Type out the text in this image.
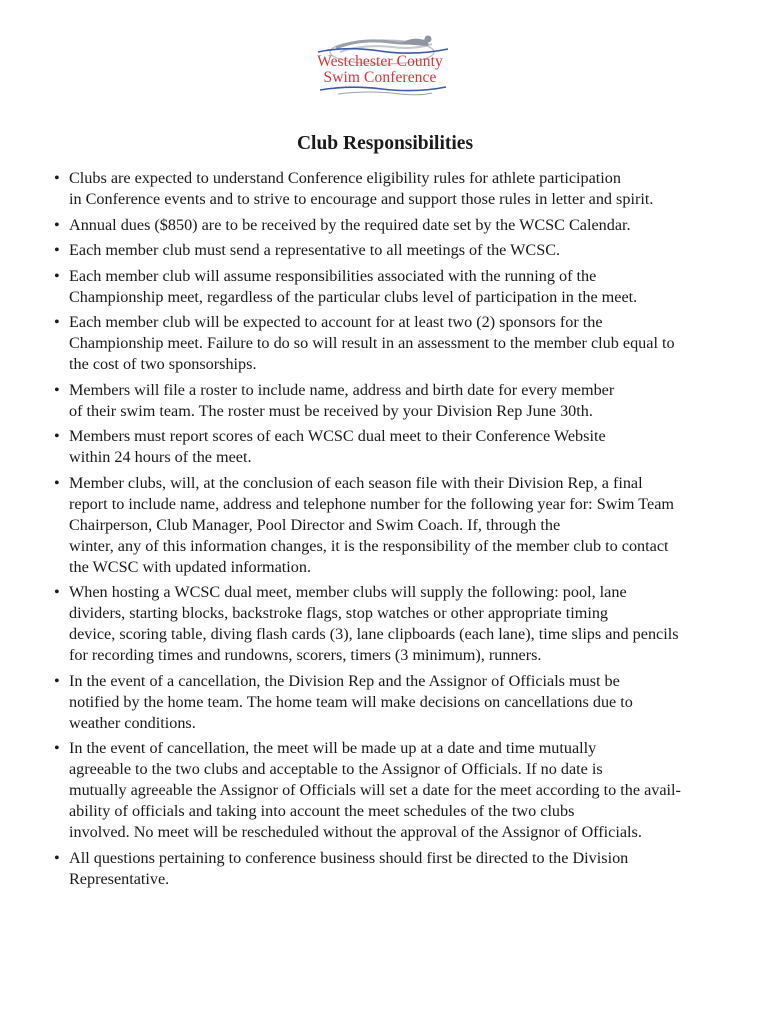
Westchester County
Swim Conference
Club Responsibilities
• Clubs are expected to understand Conference eligibility rules for athlete participation
in Conference events and to strive to encourage and support those rules in letter and spirit.
• Annual dues ($850) are to be received by the required date set by the WCSC Calendar.
• Each member club must send a representative to all meetings of the WCSC.
• Each member club will assume responsibilities associated with the running of the
Championship meet, regardless of the particular clubs level of participation in the meet.
• Each member club will be expected to account for at least two (2) sponsors for the
Championship meet. Failure to do so will result in an assessment to the member club equal to
the cost of two sponsorships.
• Members will file a roster to include name, address and birth date for every member
of their swim team. The roster must be received by your Division Rep June 30th.
• Members must report scores of each WCSC dual meet to their Conference Website
within 24 hours of the meet.
• Member clubs, will, at the conclusion of each season file with their Division Rep, a final
report to include name, address and telephone number for the following year for: Swim Team
Chairperson, Club Manager, Pool Director and Swim Coach. If, through the
winter, any of this information changes, it is the responsibility of the member club to contact
the WCSC with updated information.
• When hosting a WCSC dual meet, member clubs will supply the following: pool, lane
dividers, starting blocks, backstroke flags, stop watches or other appropriate timing
device, scoring table, diving flash cards (3), lane clipboards (each lane), time slips and pencils
for recording times and rundowns, scorers, timers (3 minimum), runners.
• In the event of a cancellation, the Division Rep and the Assignor of Officials must be
notified by the home team. The home team will make decisions on cancellations due to
weather conditions.
• In the event of cancellation, the meet will be made up at a date and time mutually
agreeable to the two clubs and acceptable to the Assignor of Officials. If no date is
mutually agreeable the Assignor of Officials will set a date for the meet according to the avail-
ability of officials and taking into account the meet schedules of the two clubs
involved. No meet will be rescheduled without the approval of the Assignor of Officials.
• All questions pertaining to conference business should first be directed to the Division
Representative.
